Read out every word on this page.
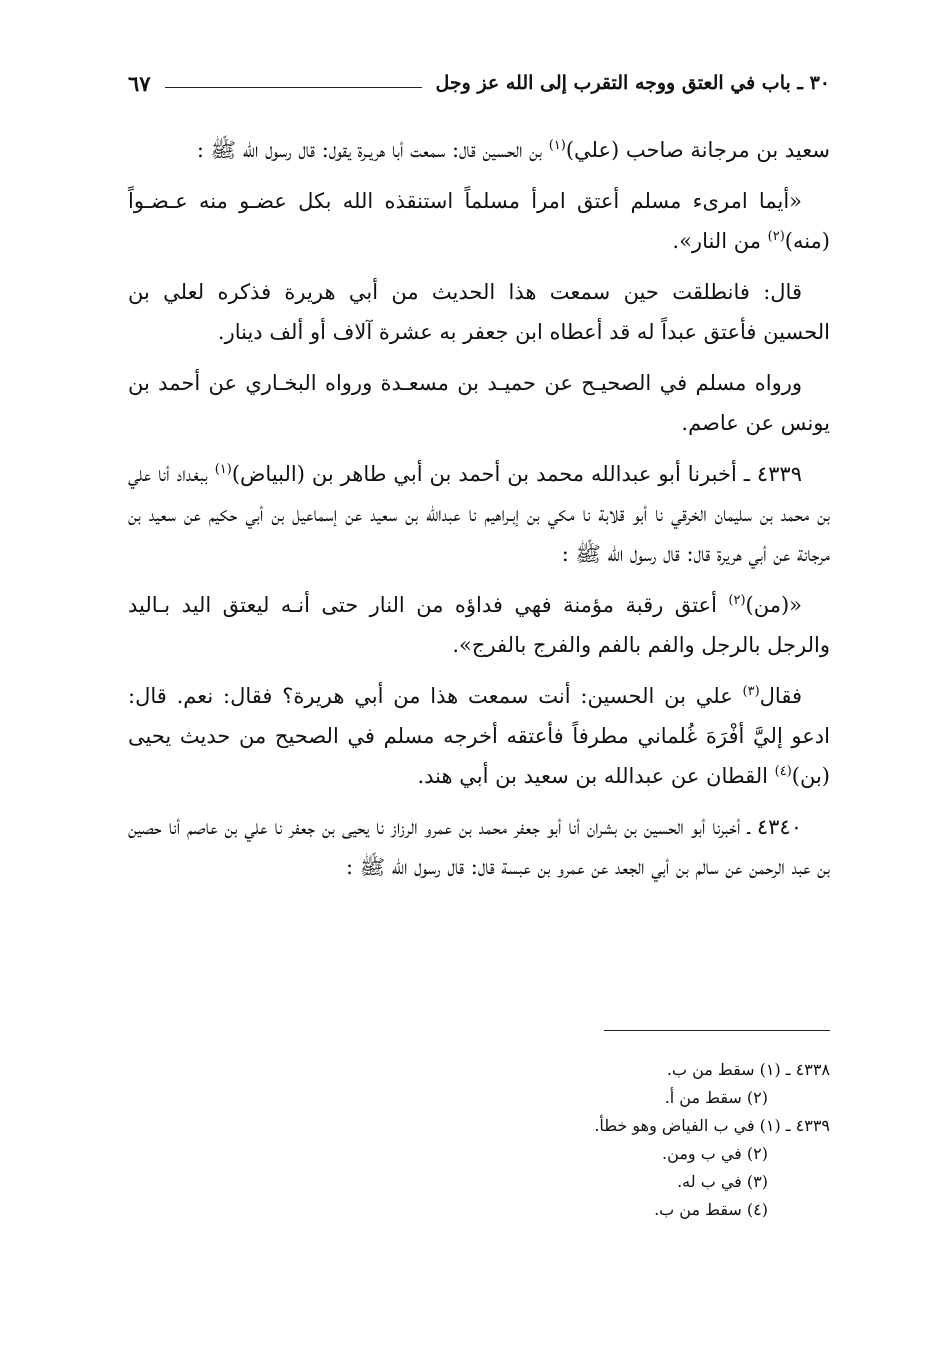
٣٠ ـ باب في العتق ووجه التقرب إلى الله عز وجل
٦٧

سعيد بن مرجانة صاحب (علي)$^{(١)}$ بن الحسين قال: سمعت أبا هريـرة يقول: قال رسول الله ﷺ :

«أيما امرىء مسلم أعتق امرأ مسلماً استنقذه الله بكل عضـو منه عـضـواً (منه)$^{(٢)}$ من النار».

قال: فانطلقت حين سمعت هذا الحديث من أبي هريرة فذكره لعلي بن الحسين فأعتق عبداً له قد أعطاه ابن جعفر به عشرة آلاف أو ألف دينار.

ورواه مسلم في الصحيـح عن حميـد بن مسعـدة ورواه البخـاري عن أحمد بن يونس عن عاصم.

٤٣٣٩ ـ أخبرنا أبو عبدالله محمد بن أحمد بن أبي طاهر بن (البياض)$^{(١)}$ ببغداد أنا علي بن محمد بن سليمان الخرقي نا أبو قلابة نا مكي بن إبـراهيم نا عبدالله بن سعيد عن إسماعيل بن أبي حكيم عن سعيد بن مرجانة عن أبي هريرة قال: قال رسول الله ﷺ :

«(من)$^{(٢)}$ أعتق رقبة مؤمنة فهي فداؤه من النار حتى أنـه ليعتق اليد بـاليد والرجل بالرجل والفم بالفم والفرج بالفرج».

فقال$^{(٣)}$ علي بن الحسين: أنت سمعت هذا من أبي هريرة؟ فقال: نعم. قال: ادعو إليَّ أفْرَهَ غُلماني مطرفاً فأعتقه أخرجه مسلم في الصحيح من حديث يحيى (بن)$^{(٤)}$ القطان عن عبدالله بن سعيد بن أبي هند.

٤٣٤٠ ـ أخبرنا أبو الحسين بن بشران أنا أبو جعفر محمد بن عمرو الرزاز نا يحيى بن جعفر نا علي بن عاصم أنا حصين بن عبد الرحمن عن سالم بن أبي الجعد عن عمرو بن عبسة قال: قال رسول الله ﷺ :

٤٣٣٨ ـ (١) سقط من ب.
(٢) سقط من أ.
٤٣٣٩ ـ (١) في ب الفياض وهو خطأ.
(٢) في ب ومن.
(٣) في ب له.
(٤) سقط من ب.
